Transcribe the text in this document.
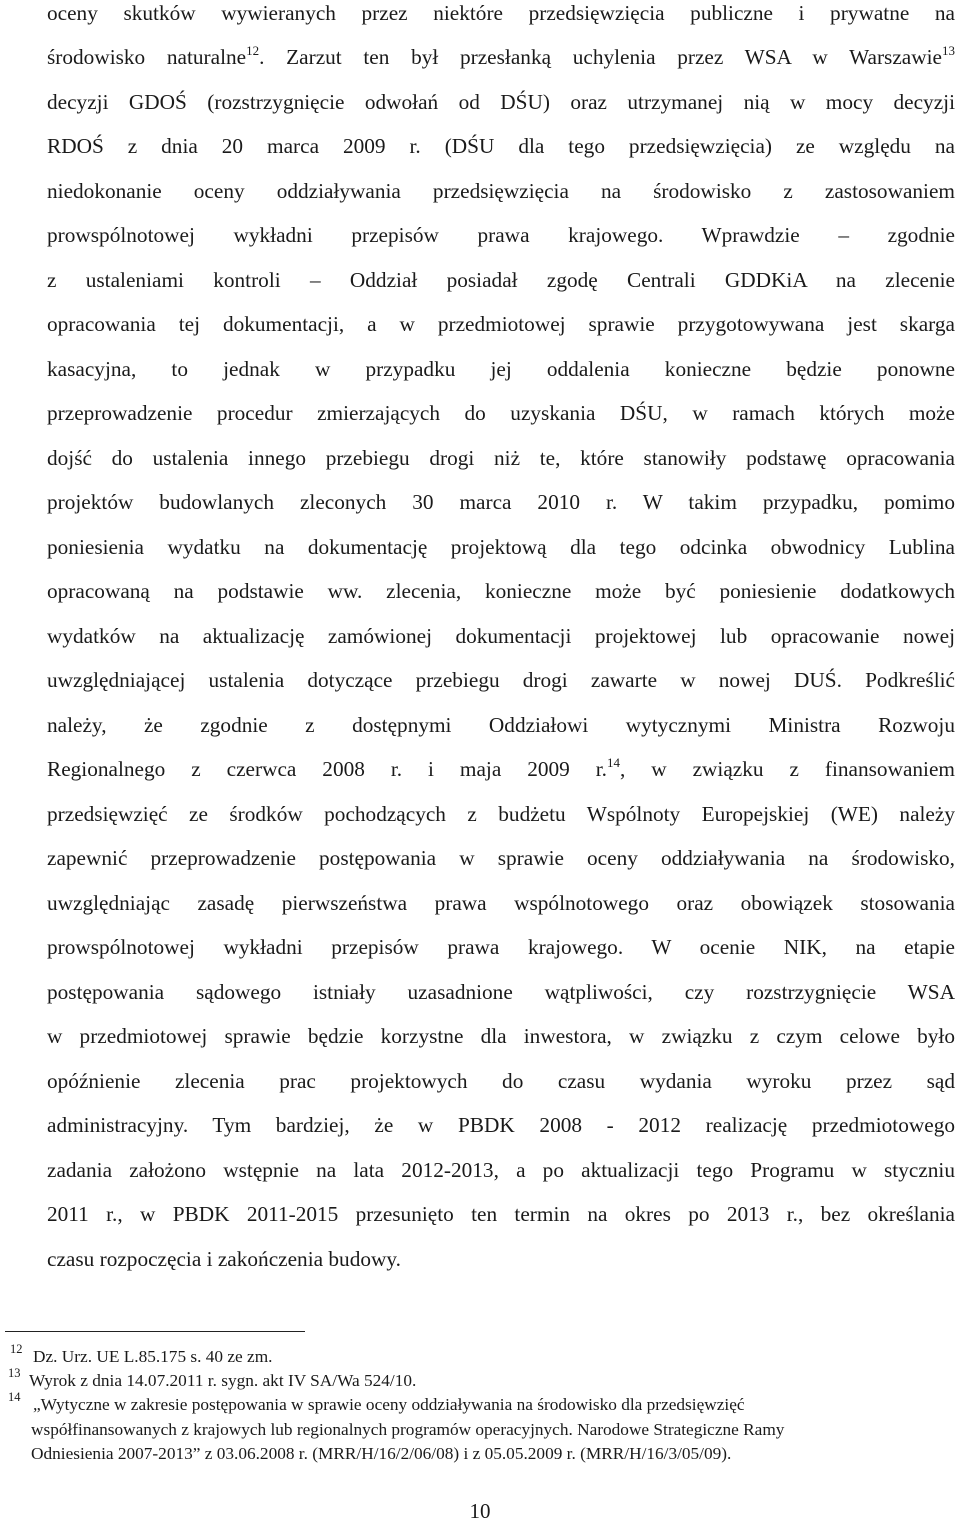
oceny skutków wywieranych przez niektóre przedsięwzięcia publiczne i prywatne na
środowisko naturalne$^{12}$. Zarzut ten był przesłanką uchylenia przez WSA w Warszawie$^{13}$
decyzji GDOŚ (rozstrzygnięcie odwołań od DŚU) oraz utrzymanej nią w mocy decyzji
RDOŚ z dnia 20 marca 2009 r. (DŚU dla tego przedsięwzięcia) ze względu na
niedokonanie oceny oddziaływania przedsięwzięcia na środowisko z zastosowaniem
prowspólnotowej wykładni przepisów prawa krajowego. Wprawdzie – zgodnie
z ustaleniami kontroli – Oddział posiadał zgodę Centrali GDDKiA na zlecenie
opracowania tej dokumentacji, a w przedmiotowej sprawie przygotowywana jest skarga
kasacyjna, to jednak w przypadku jej oddalenia konieczne będzie ponowne
przeprowadzenie procedur zmierzających do uzyskania DŚU, w ramach których może
dojść do ustalenia innego przebiegu drogi niż te, które stanowiły podstawę opracowania
projektów budowlanych zleconych 30 marca 2010 r. W takim przypadku, pomimo
poniesienia wydatku na dokumentację projektową dla tego odcinka obwodnicy Lublina
opracowaną na podstawie ww. zlecenia, konieczne może być poniesienie dodatkowych
wydatków na aktualizację zamówionej dokumentacji projektowej lub opracowanie nowej
uwzględniającej ustalenia dotyczące przebiegu drogi zawarte w nowej DUŚ. Podkreślić
należy, że zgodnie z dostępnymi Oddziałowi wytycznymi Ministra Rozwoju
Regionalnego z czerwca 2008 r. i maja 2009 r.$^{14}$, w związku z finansowaniem
przedsięwzięć ze środków pochodzących z budżetu Wspólnoty Europejskiej (WE) należy
zapewnić przeprowadzenie postępowania w sprawie oceny oddziaływania na środowisko,
uwzględniając zasadę pierwszeństwa prawa wspólnotowego oraz obowiązek stosowania
prowspólnotowej wykładni przepisów prawa krajowego. W ocenie NIK, na etapie
postępowania sądowego istniały uzasadnione wątpliwości, czy rozstrzygnięcie WSA
w przedmiotowej sprawie będzie korzystne dla inwestora, w związku z czym celowe było
opóźnienie zlecenia prac projektowych do czasu wydania wyroku przez sąd
administracyjny. Tym bardziej, że w PBDK 2008 - 2012 realizację przedmiotowego
zadania założono wstępnie na lata 2012-2013, a po aktualizacji tego Programu w styczniu
2011 r., w PBDK 2011-2015 przesunięto ten termin na okres po 2013 r., bez określania
czasu rozpoczęcia i zakończenia budowy.
12 Dz. Urz. UE L.85.175 s. 40 ze zm.
13 Wyrok z dnia 14.07.2011 r. sygn. akt IV SA/Wa 524/10.
14 „Wytyczne w zakresie postępowania w sprawie oceny oddziaływania na środowisko dla przedsięwzięć
współfinansowanych z krajowych lub regionalnych programów operacyjnych. Narodowe Strategiczne Ramy
Odniesienia 2007-2013” z 03.06.2008 r. (MRR/H/16/2/06/08) i z 05.05.2009 r. (MRR/H/16/3/05/09).
10
